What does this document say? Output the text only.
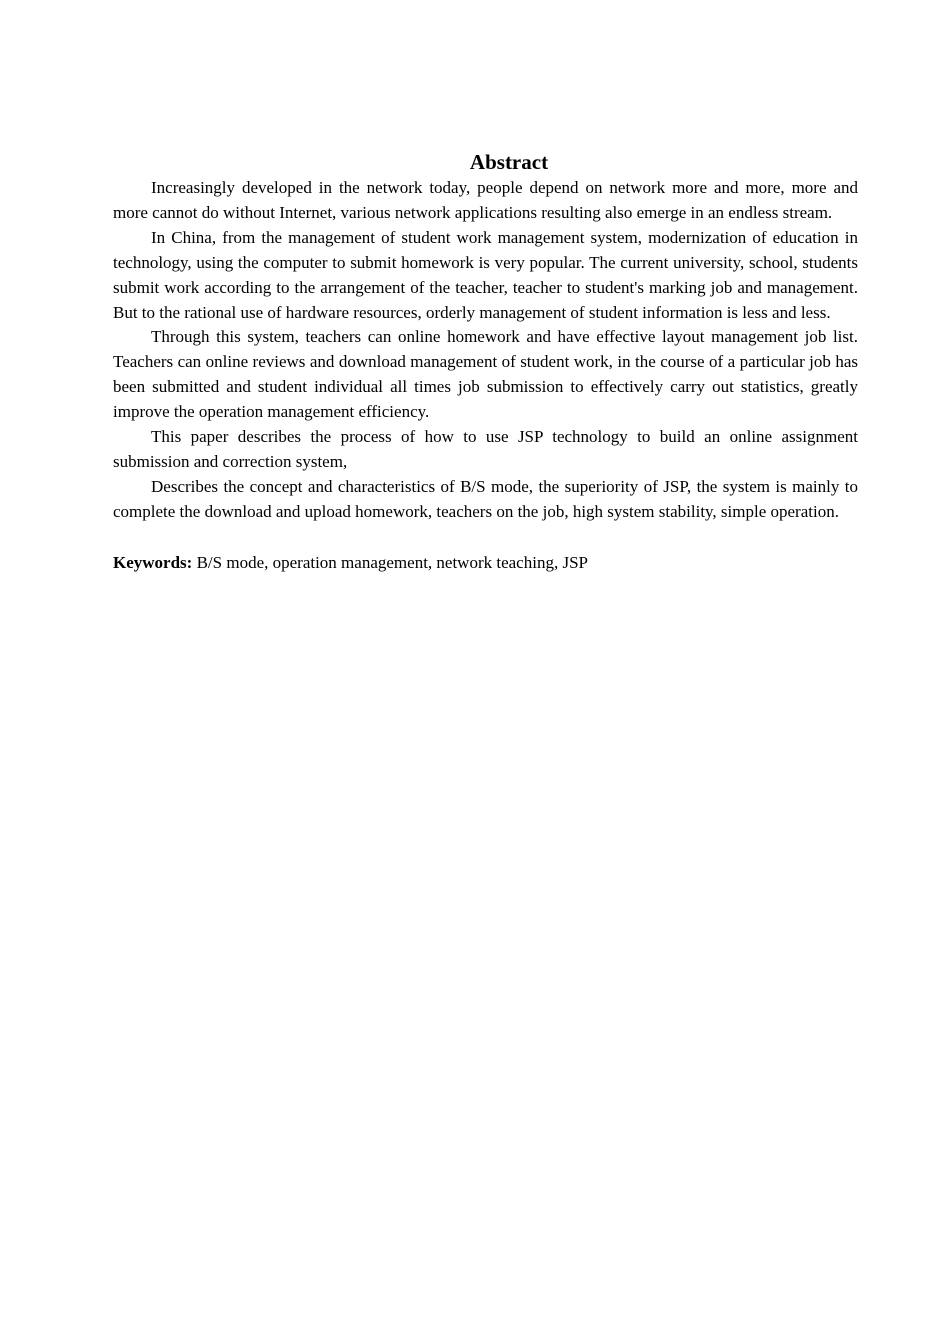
Abstract

Increasingly developed in the network today, people depend on network more and more, more and more cannot do without Internet, various network applications resulting also emerge in an endless stream.

In China, from the management of student work management system, modernization of education in technology, using the computer to submit homework is very popular. The current university, school, students submit work according to the arrangement of the teacher, teacher to student's marking job and management. But to the rational use of hardware resources, orderly management of student information is less and less.

Through this system, teachers can online homework and have effective layout management job list. Teachers can online reviews and download management of student work, in the course of a particular job has been submitted and student individual all times job submission to effectively carry out statistics, greatly improve the operation management efficiency.

This paper describes the process of how to use JSP technology to build an online assignment submission and correction system,

Describes the concept and characteristics of B/S mode, the superiority of JSP, the system is mainly to complete the download and upload homework, teachers on the job, high system stability, simple operation.

Keywords: B/S mode, operation management, network teaching, JSP
